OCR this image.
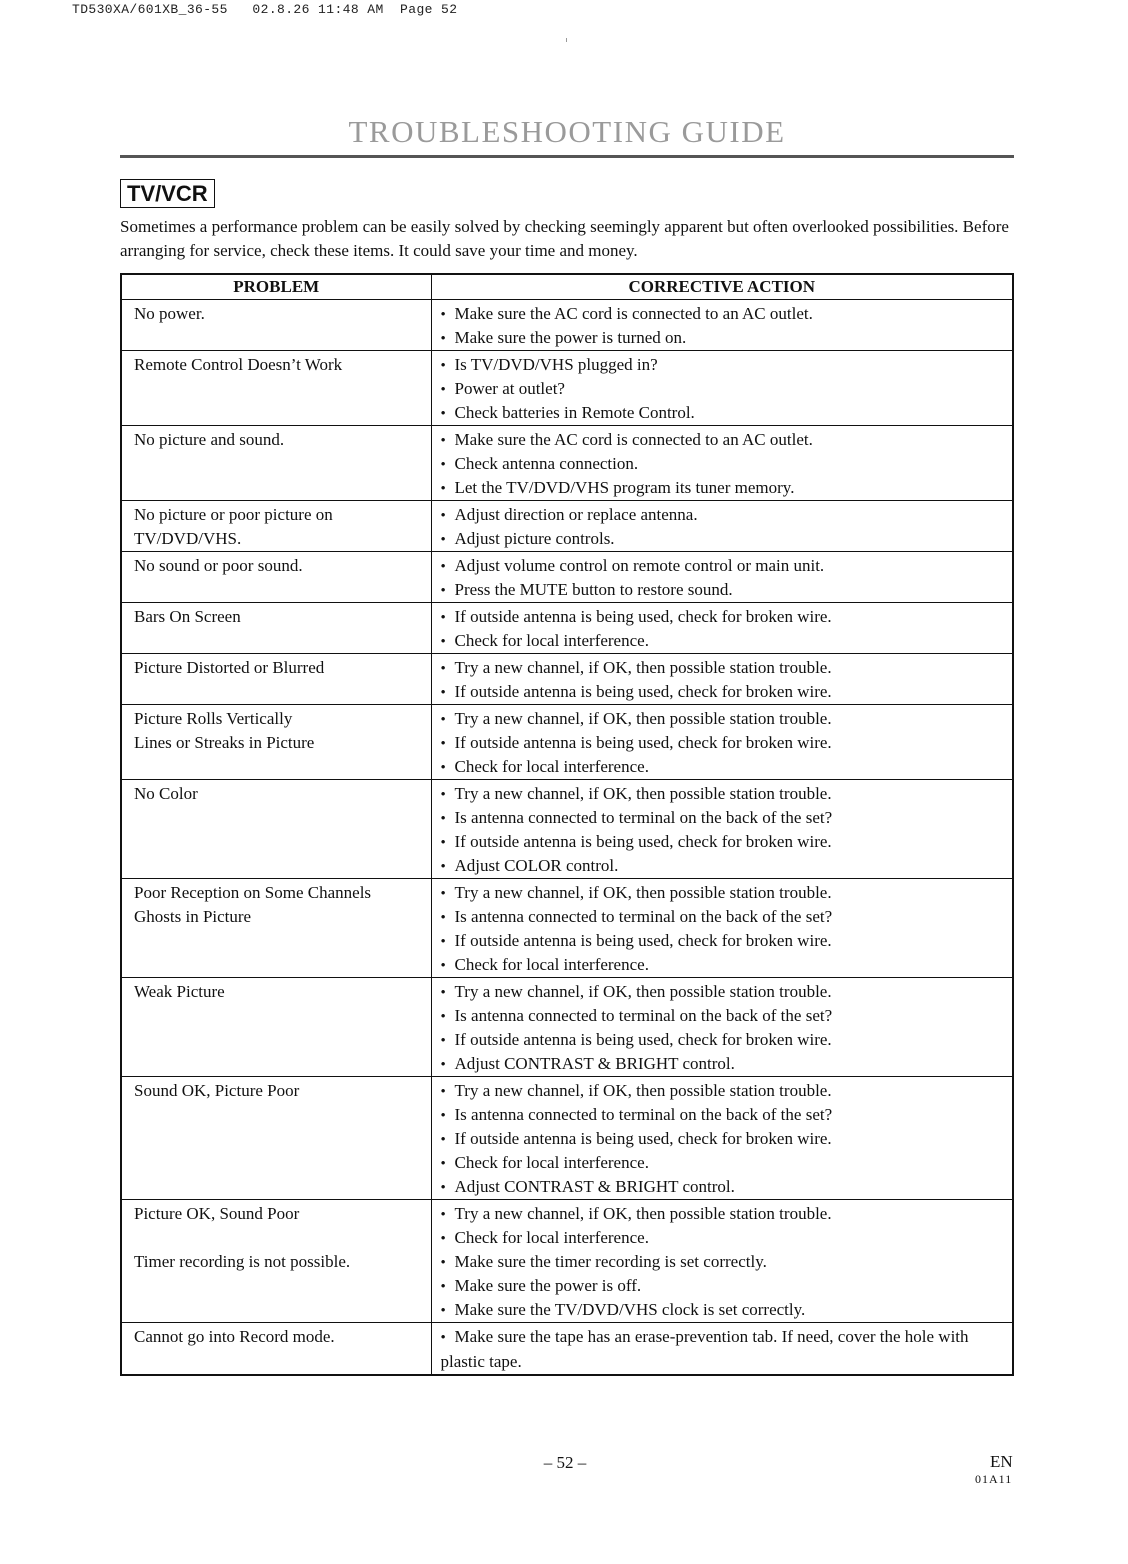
TD530XA/601XB_36-55   02.8.26 11:48 AM  Page 52
TROUBLESHOOTING GUIDE
TV/VCR

Sometimes a performance problem can be easily solved by checking seemingly apparent but often overlooked possibilities. Before arranging for service, check these items. It could save your time and money.

PROBLEM	CORRECTIVE ACTION

No power.	• Make sure the AC cord is connected to an AC outlet.
• Make sure the power is turned on.

Remote Control Doesn’t Work	• Is TV/DVD/VHS plugged in?
• Power at outlet?
• Check batteries in Remote Control.

No picture and sound.	• Make sure the AC cord is connected to an AC outlet.
• Check antenna connection.
• Let the TV/DVD/VHS program its tuner memory.

No picture or poor picture on
TV/DVD/VHS.	• Adjust direction or replace antenna.
• Adjust picture controls.

No sound or poor sound.	• Adjust volume control on remote control or main unit.
• Press the MUTE button to restore sound.

Bars On Screen	• If outside antenna is being used, check for broken wire.
• Check for local interference.

Picture Distorted or Blurred	• Try a new channel, if OK, then possible station trouble.
• If outside antenna is being used, check for broken wire.

Picture Rolls Vertically
Lines or Streaks in Picture	• Try a new channel, if OK, then possible station trouble.
• If outside antenna is being used, check for broken wire.
• Check for local interference.

No Color	• Try a new channel, if OK, then possible station trouble.
• Is antenna connected to terminal on the back of the set?
• If outside antenna is being used, check for broken wire.
• Adjust COLOR control.

Poor Reception on Some Channels
Ghosts in Picture	• Try a new channel, if OK, then possible station trouble.
• Is antenna connected to terminal on the back of the set?
• If outside antenna is being used, check for broken wire.
• Check for local interference.

Weak Picture	• Try a new channel, if OK, then possible station trouble.
• Is antenna connected to terminal on the back of the set?
• If outside antenna is being used, check for broken wire.
• Adjust CONTRAST & BRIGHT control.

Sound OK, Picture Poor	• Try a new channel, if OK, then possible station trouble.
• Is antenna connected to terminal on the back of the set?
• If outside antenna is being used, check for broken wire.
• Check for local interference.
• Adjust CONTRAST & BRIGHT control.

Picture OK, Sound Poor
Timer recording is not possible.	• Try a new channel, if OK, then possible station trouble.
• Check for local interference.
• Make sure the timer recording is set correctly.
• Make sure the power is off.
• Make sure the TV/DVD/VHS clock is set correctly.

Cannot go into Record mode.	• Make sure the tape has an erase-prevention tab. If need, cover the hole with plastic tape.
– 52 –	EN
01A11
